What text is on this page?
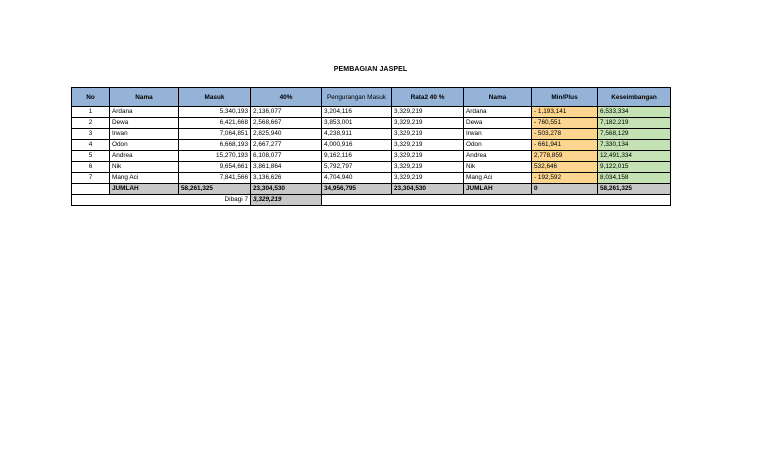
PEMBAGIAN JASPEL
No	Nama	Masuk	40%	Pengurangan Masuk	Rata2 40 %	Nama	Min/Plus	Keseimbangan
1	Ardana	5,340,193	2,136,077	3,204,116	3,329,219	Ardana	- 1,193,141	6,533,334
2	Dewa	6,421,668	2,568,667	3,853,001	3,329,219	Dewa	- 760,551	7,182,219
3	Irwan	7,064,851	2,825,940	4,238,911	3,329,219	Irwan	- 503,278	7,568,129
4	Odon	6,668,193	2,667,277	4,000,916	3,329,219	Odon	- 661,941	7,330,134
5	Andrea	15,270,193	6,108,077	9,162,116	3,329,219	Andrea	2,778,859	12,491,334
6	Nik	9,654,661	3,861,864	5,792,797	3,329,219	Nik	532,646	9,122,015
7	Mang Aci	7,841,566	3,136,626	4,704,940	3,329,219	Mang Aci	- 192,592	8,034,158
	JUMLAH	58,261,325	23,304,530	34,956,795	23,304,530	JUMLAH	0	58,261,325
Dibagi 7			3,329,219					
